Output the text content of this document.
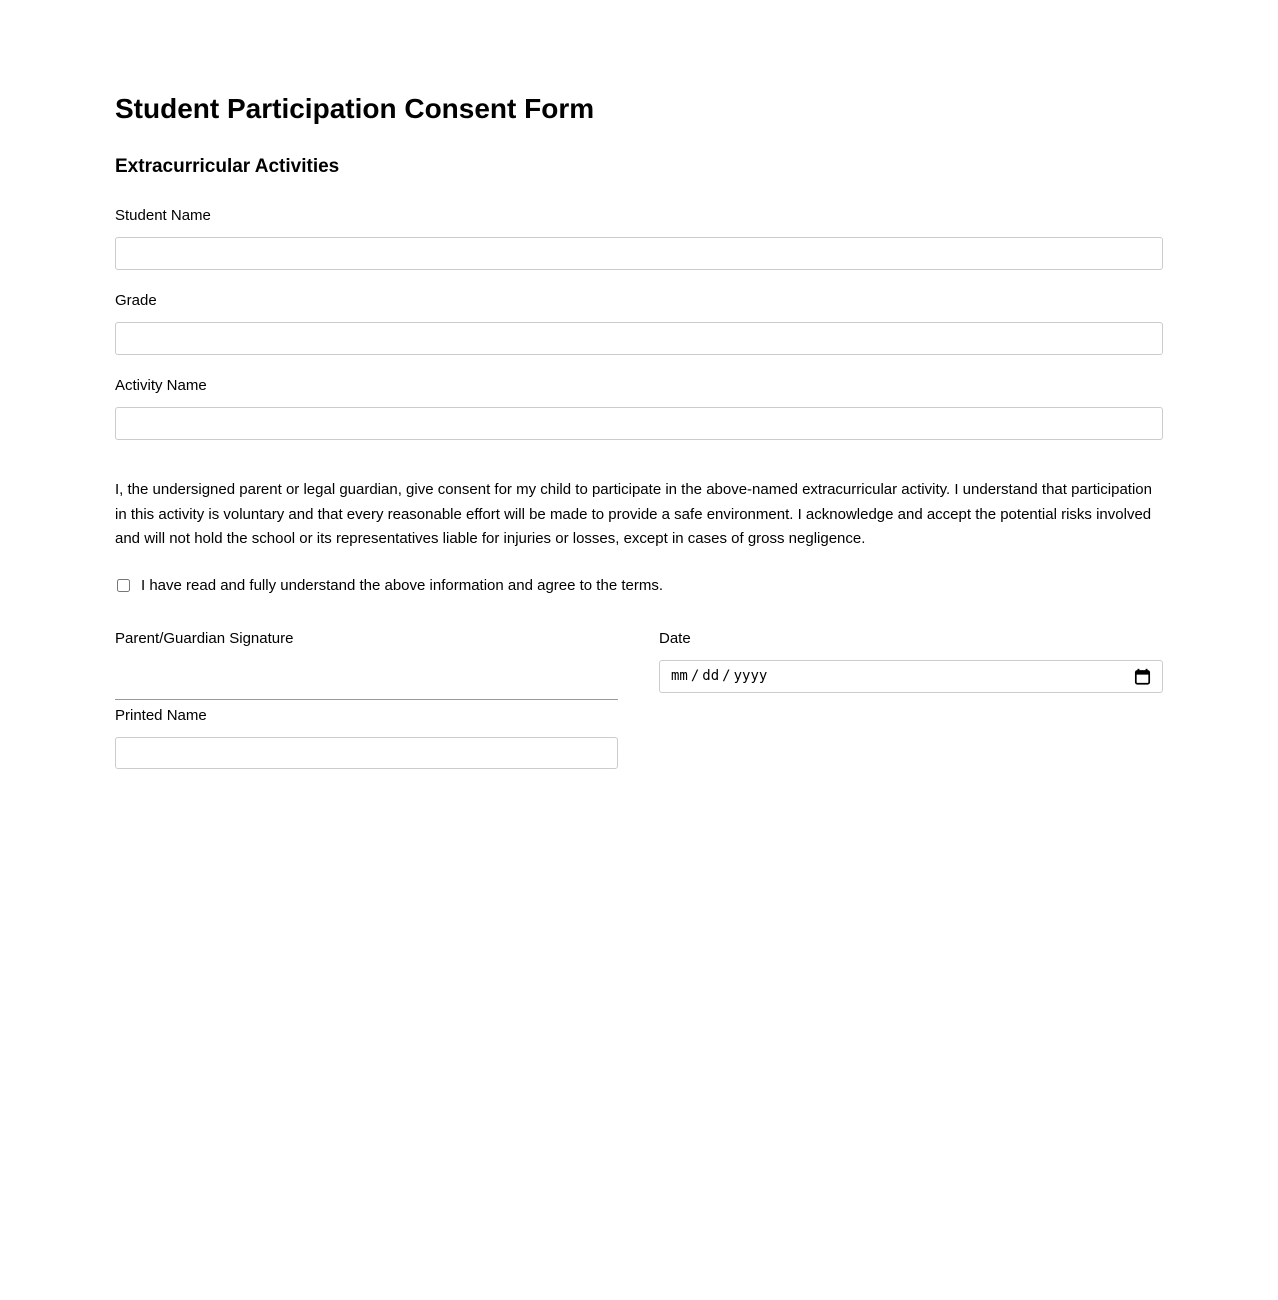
Student Participation Consent Form
Extracurricular Activities
Student Name
Grade
Activity Name

I, the undersigned parent or legal guardian, give consent for my child to participate in the above-named extracurricular activity. I understand that participation in this activity is voluntary and that every reasonable effort will be made to provide a safe environment. I acknowledge and accept the potential risks involved and will not hold the school or its representatives liable for injuries or losses, except in cases of gross negligence.

I have read and fully understand the above information and agree to the terms.
Parent/Guardian Signature
Printed Name
Date
mm / dd / yyyy
